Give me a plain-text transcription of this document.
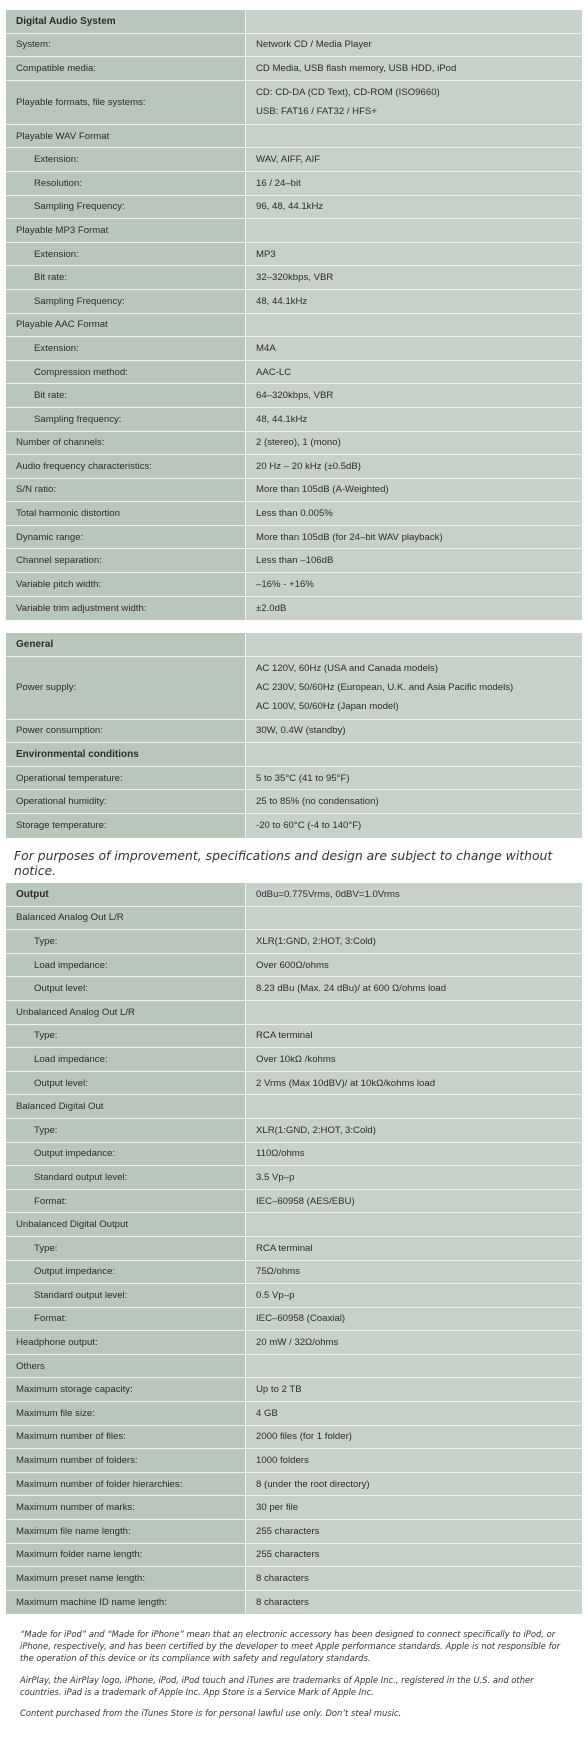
Digital Audio System
System:	Network CD / Media Player
Compatible media:	CD Media, USB flash memory, USB HDD, iPod
Playable formats, file systems:
CD: CD-DA (CD Text), CD-ROM (ISO9660)
USB: FAT16 / FAT32 / HFS+
Playable WAV Format
Extension:	WAV, AIFF, AIF
Resolution:	16 / 24–bit
Sampling Frequency:	96, 48, 44.1kHz
Playable MP3 Format
Extension:	MP3
Bit rate:	32–320kbps, VBR
Sampling Frequency:	48, 44.1kHz
Playable AAC Format
Extension:	M4A
Compression method:	AAC-LC
Bit rate:	64–320kbps, VBR
Sampling frequency:	48, 44.1kHz
Number of channels:	2 (stereo), 1 (mono)
Audio frequency characteristics:	20 Hz – 20 kHz (±0.5dB)
S/N ratio:	More than 105dB (A-Weighted)
Total harmonic distortion	Less than 0.005%
Dynamic range:	More than 105dB (for 24–bit WAV playback)
Channel separation:	Less than –106dB
Variable pitch width:	–16% - +16%
Variable trim adjustment width:	±2.0dB
General
Power supply:
AC 120V, 60Hz (USA and Canada models)
AC 230V, 50/60Hz (European, U.K. and Asia Pacific models)
AC 100V, 50/60Hz (Japan model)
Power consumption:	30W, 0.4W (standby)
Environmental conditions
Operational temperature:	5 to 35°C (41 to 95°F)
Operational humidity:	25 to 85% (no condensation)
Storage temperature:	-20 to 60°C (-4 to 140°F)
For purposes of improvement, specifications and design are subject to change without notice.
Output	0dBu=0.775Vrms, 0dBV=1.0Vrms
Balanced Analog Out L/R
Type:	XLR(1:GND, 2:HOT, 3:Cold)
Load impedance:	Over 600Ω/ohms
Output level:	8.23 dBu (Max. 24 dBu)/ at 600 Ω/ohms load
Unbalanced Analog Out L/R
Type:	RCA terminal
Load impedance:	Over 10kΩ /kohms
Output level:	2 Vrms (Max 10dBV)/ at 10kΩ/kohms load
Balanced Digital Out
Type:	XLR(1:GND, 2:HOT, 3:Cold)
Output impedance:	110Ω/ohms
Standard output level:	3.5 Vp–p
Format:	IEC–60958 (AES/EBU)
Unbalanced Digital Output
Type:	RCA terminal
Output impedance:	75Ω/ohms
Standard output level:	0.5 Vp–p
Format:	IEC–60958 (Coaxial)
Headphone output:	20 mW / 32Ω/ohms
Others
Maximum storage capacity:	Up to 2 TB
Maximum file size:	4 GB
Maximum number of files:	2000 files (for 1 folder)
Maximum number of folders:	1000 folders
Maximum number of folder hierarchies:	8 (under the root directory)
Maximum number of marks:	30 per file
Maximum file name length:	255 characters
Maximum folder name length:	255 characters
Maximum preset name length:	8 characters
Maximum machine ID name length:	8 characters

“Made for iPod” and “Made for iPhone” mean that an electronic accessory has been designed to connect specifically to iPod, or iPhone, respectively, and has been certified by the developer to meet Apple performance standards. Apple is not responsible for the operation of this device or its compliance with safety and regulatory standards.

AirPlay, the AirPlay logo, iPhone, iPod, iPod touch and iTunes are trademarks of Apple Inc., registered in the U.S. and other countries. iPad is a trademark of Apple Inc. App Store is a Service Mark of Apple Inc.

Content purchased from the iTunes Store is for personal lawful use only. Don’t steal music.
